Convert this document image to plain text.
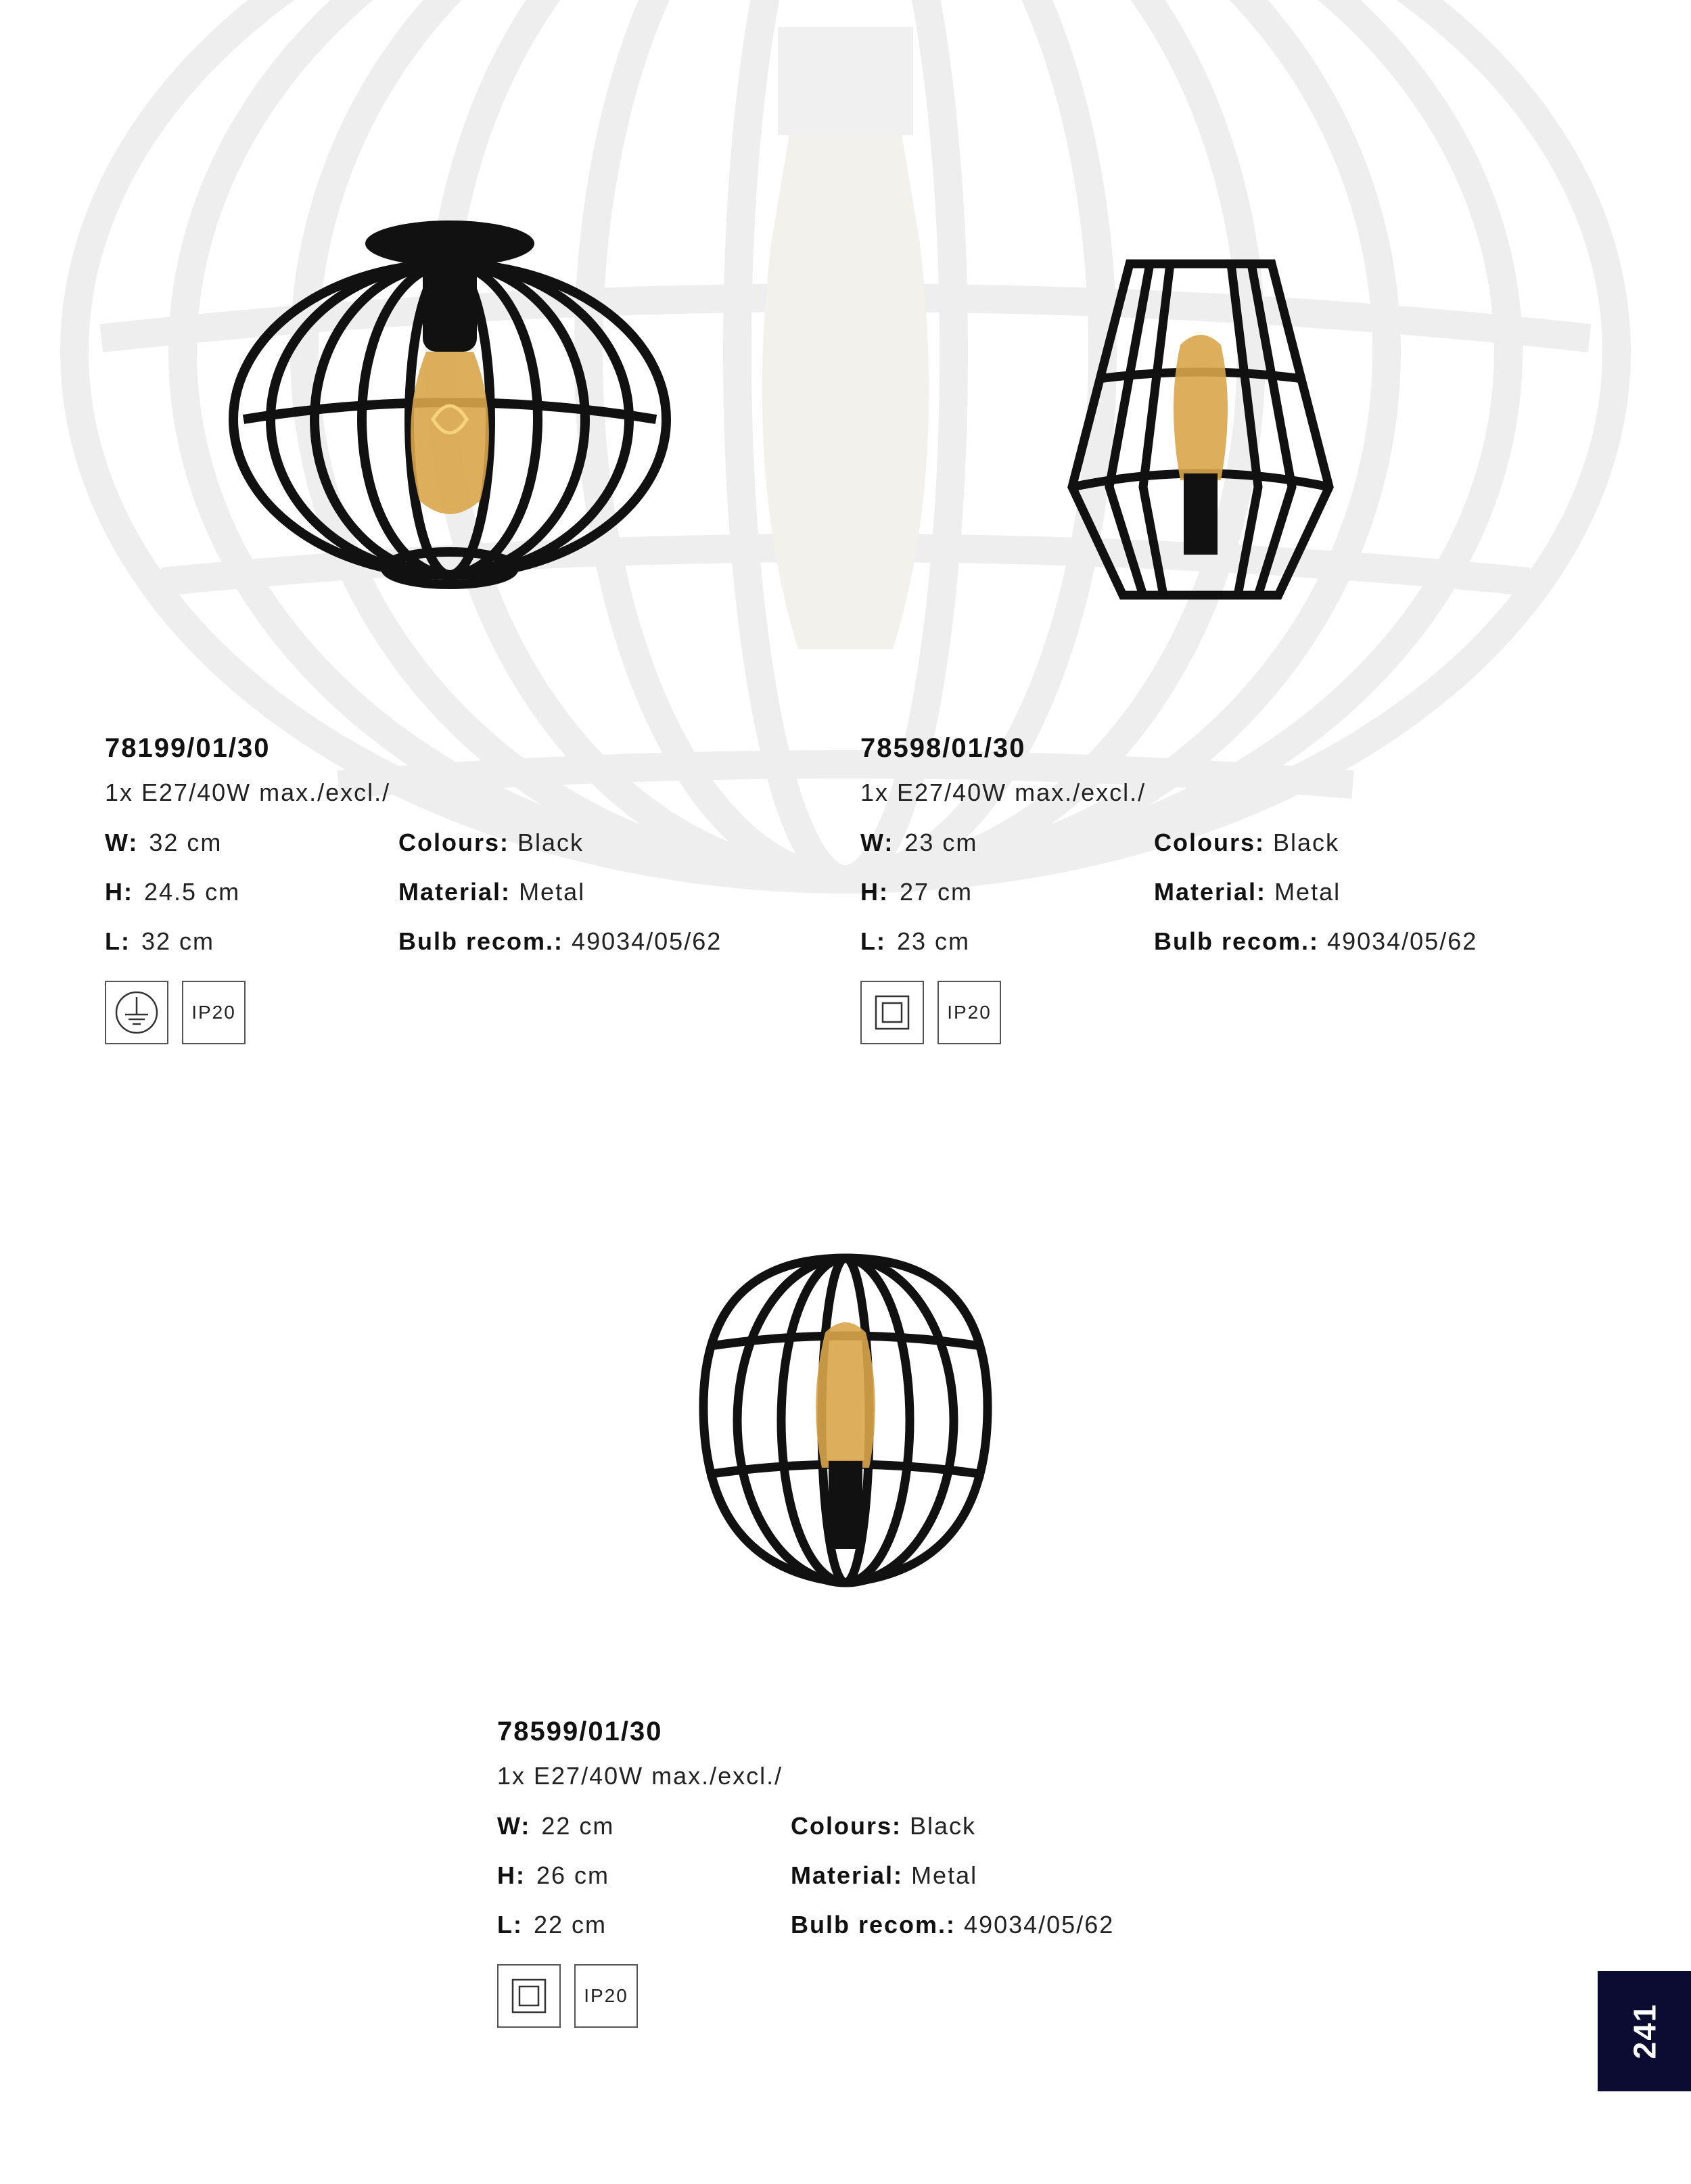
78199/01/30

1x E27/40W max./excl./
W: 32 cm	Colours: Black
H: 24.5 cm	Material: Metal
L: 32 cm	Bulb recom.: 49034/05/62
IP20

78598/01/30

1x E27/40W max./excl./
W: 23 cm	Colours: Black
H: 27 cm	Material: Metal
L: 23 cm	Bulb recom.: 49034/05/62
IP20

78599/01/30

1x E27/40W max./excl./
W: 22 cm	Colours: Black
H: 26 cm	Material: Metal
L: 22 cm	Bulb recom.: 49034/05/62
IP20
241
